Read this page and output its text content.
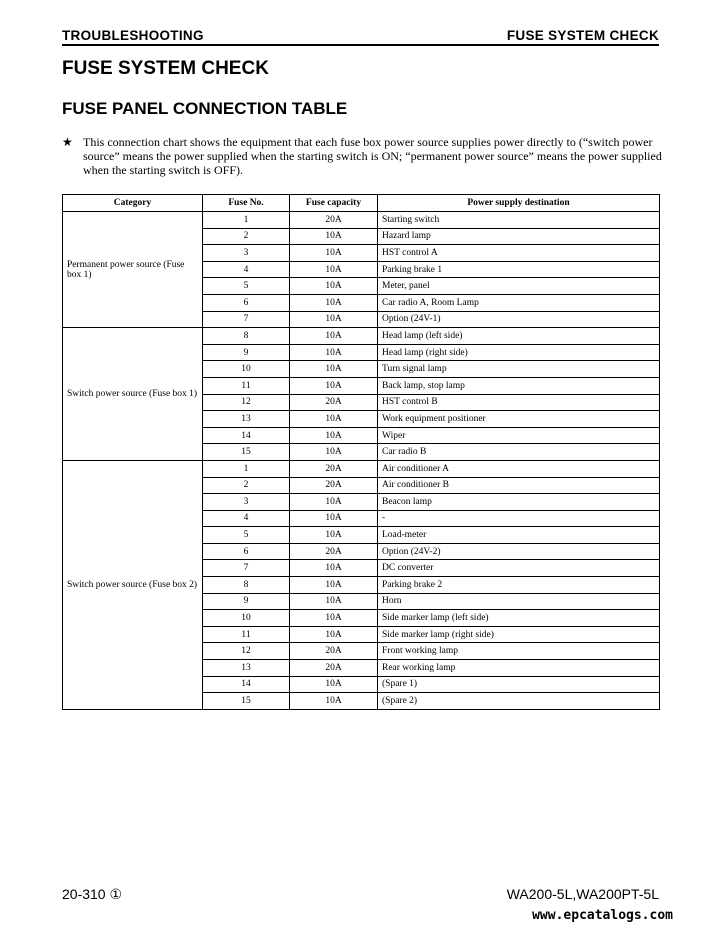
TROUBLESHOOTING	FUSE SYSTEM CHECK
FUSE SYSTEM CHECK
FUSE PANEL CONNECTION TABLE
★ This connection chart shows the equipment that each fuse box power source supplies power directly to (“switch power source” means the power supplied when the starting switch is ON; “permanent power source” means the power supplied when the starting switch is OFF).
Category	Fuse No.	Fuse capacity	Power supply destination
Permanent power source (Fuse box 1)	1	20A	Starting switch
	2	10A	Hazard lamp
	3	10A	HST control A
	4	10A	Parking brake 1
	5	10A	Meter, panel
	6	10A	Car radio A, Room Lamp
	7	10A	Option (24V-1)
Switch power source (Fuse box 1)	8	10A	Head lamp (left side)
	9	10A	Head lamp (right side)
	10	10A	Turn signal lamp
	11	10A	Back lamp, stop lamp
	12	20A	HST control B
	13	10A	Work equipment positioner
	14	10A	Wiper
	15	10A	Car radio B
Switch power source (Fuse box 2)	1	20A	Air conditioner A
	2	20A	Air conditioner B
	3	10A	Beacon lamp
	4	10A	-
	5	10A	Load-meter
	6	20A	Option (24V-2)
	7	10A	DC converter
	8	10A	Parking brake 2
	9	10A	Horn
	10	10A	Side marker lamp (left side)
	11	10A	Side marker lamp (right side)
	12	20A	Front working lamp
	13	20A	Rear working lamp
	14	10A	(Spare 1)
	15	10A	(Spare 2)
20-310 ①	WA200-5L,WA200PT-5L
www.epcatalogs.com
